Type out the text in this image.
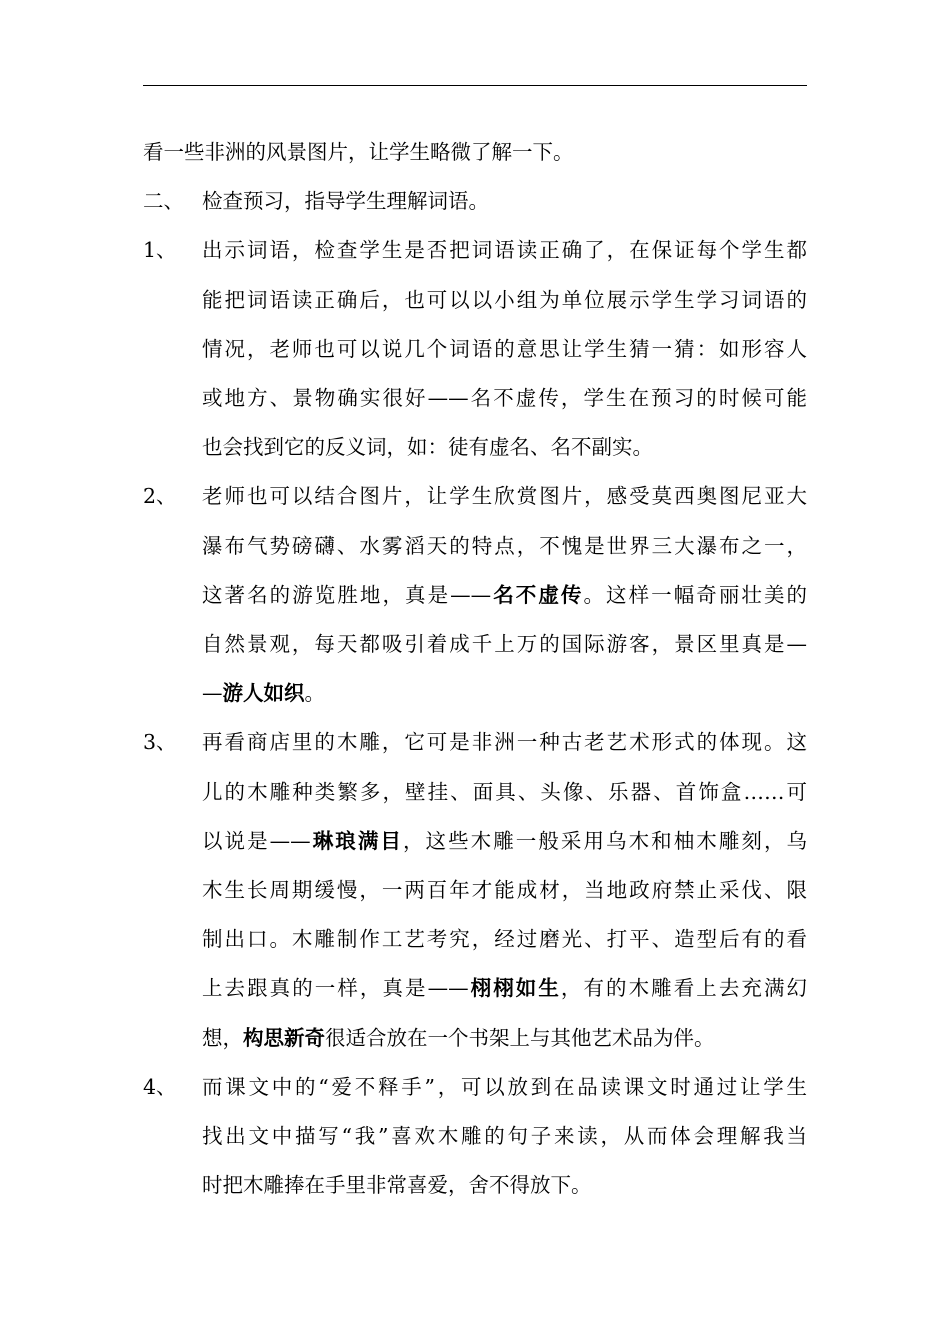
看一些非洲的风景图片，让学生略微了解一下。

二、 检查预习，指导学生理解词语。
1、	出示词语，检查学生是否把词语读正确了，在保证每个学生都
能把词语读正确后，也可以以小组为单位展示学生学习词语的
情况，老师也可以说几个词语的意思让学生猜一猜：如形容人
或地方、景物确实很好——名不虚传，学生在预习的时候可能
也会找到它的反义词，如：徒有虚名、名不副实。
2、	老师也可以结合图片，让学生欣赏图片，感受莫西奥图尼亚大
瀑布气势磅礴、水雾滔天的特点，不愧是世界三大瀑布之一，
这著名的游览胜地，真是——名不虚传。这样一幅奇丽壮美的
自然景观，每天都吸引着成千上万的国际游客，景区里真是—
—游人如织。
3、	再看商店里的木雕，它可是非洲一种古老艺术形式的体现。这
儿的木雕种类繁多，壁挂、面具、头像、乐器、首饰盒……可
以说是——琳琅满目，这些木雕一般采用乌木和柚木雕刻，乌
木生长周期缓慢，一两百年才能成材，当地政府禁止采伐、限
制出口。木雕制作工艺考究，经过磨光、打平、造型后有的看
上去跟真的一样，真是——栩栩如生，有的木雕看上去充满幻
想，构思新奇很适合放在一个书架上与其他艺术品为伴。
4、	而课文中的“爱不释手”，可以放到在品读课文时通过让学生
找出文中描写“我”喜欢木雕的句子来读，从而体会理解我当
时把木雕捧在手里非常喜爱，舍不得放下。
